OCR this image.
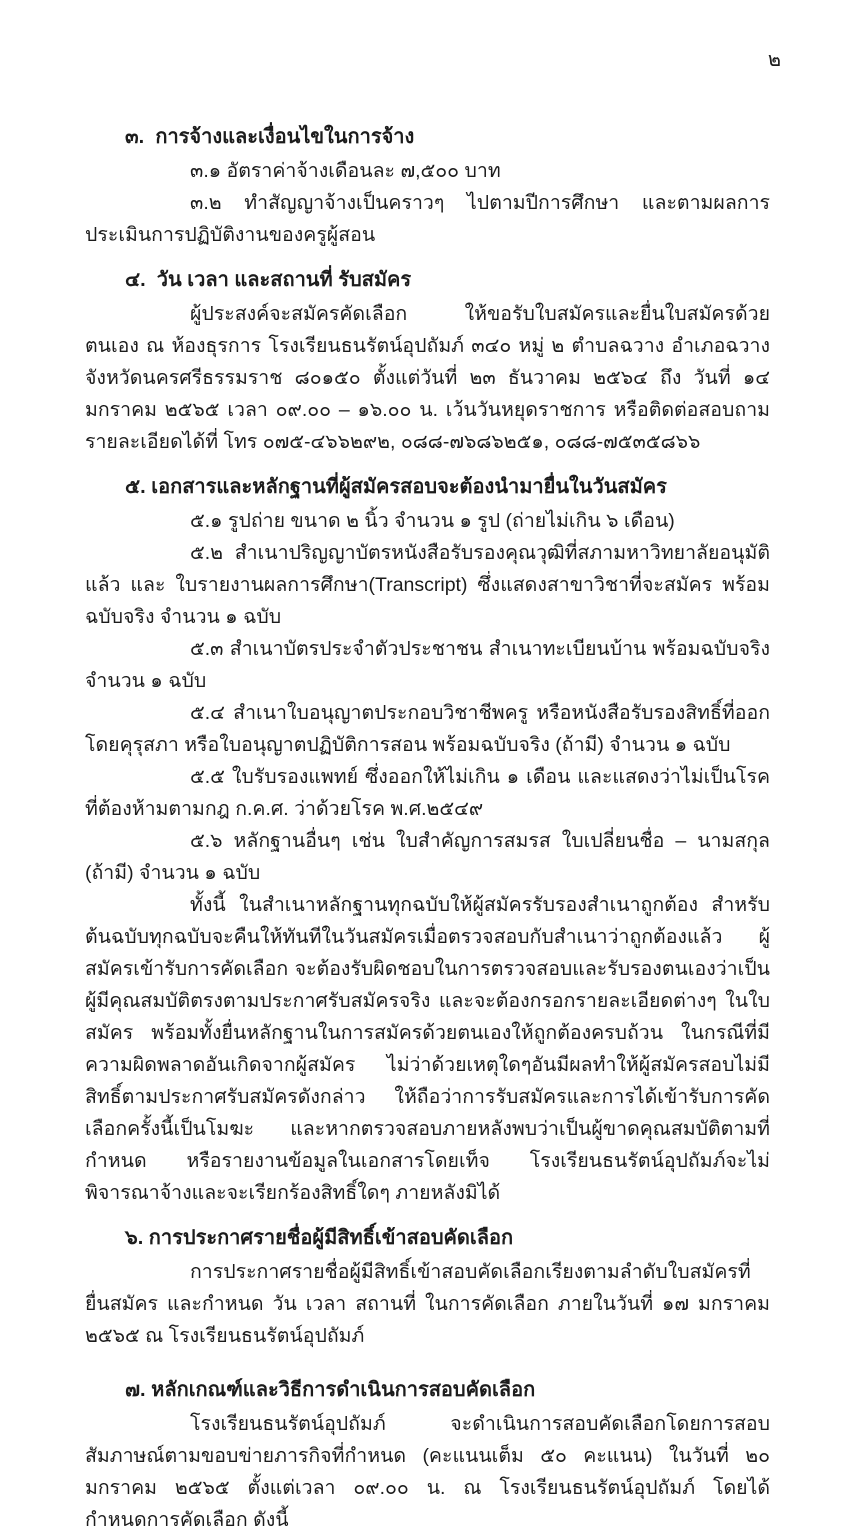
๒

๓.  การจ้างและเงื่อนไขในการจ้าง

๓.๑ อัตราค่าจ้างเดือนละ ๗,๕๐๐ บาท

๓.๒ ทำสัญญาจ้างเป็นคราวๆ ไปตามปีการศึกษา และตามผลการประเมินการปฏิบัติงานของครูผู้สอน

๔.  วัน เวลา และสถานที่ รับสมัคร

ผู้ประสงค์จะสมัครคัดเลือก ให้ขอรับใบสมัครและยื่นใบสมัครด้วยตนเอง ณ ห้องธุรการ โรงเรียนธนรัตน์อุปถัมภ์ ๓๔๐ หมู่ ๒ ตำบลฉวาง อำเภอฉวาง จังหวัดนครศรีธรรมราช ๘๐๑๕๐ ตั้งแต่วันที่ ๒๓ ธันวาคม ๒๕๖๔ ถึง วันที่ ๑๔ มกราคม ๒๕๖๕ เวลา ๐๙.๐๐ – ๑๖.๐๐ น. เว้นวันหยุดราชการ หรือติดต่อสอบถามรายละเอียดได้ที่ โทร ๐๗๕-๔๖๖๒๙๒, ๐๘๘-๗๖๘๖๒๕๑, ๐๘๘-๗๕๓๕๘๖๖

๕. เอกสารและหลักฐานที่ผู้สมัครสอบจะต้องนำมายื่นในวันสมัคร

๕.๑ รูปถ่าย ขนาด ๒ นิ้ว จำนวน ๑ รูป (ถ่ายไม่เกิน ๖ เดือน)

๕.๒ สำเนาปริญญาบัตรหนังสือรับรองคุณวุฒิที่สภามหาวิทยาลัยอนุมัติแล้ว และ ใบรายงานผลการศึกษา(Transcript) ซึ่งแสดงสาขาวิชาที่จะสมัคร พร้อมฉบับจริง จำนวน ๑ ฉบับ

๕.๓ สำเนาบัตรประจำตัวประชาชน สำเนาทะเบียนบ้าน พร้อมฉบับจริง จำนวน ๑ ฉบับ

๕.๔ สำเนาใบอนุญาตประกอบวิชาชีพครู หรือหนังสือรับรองสิทธิ์ที่ออกโดยคุรุสภา หรือใบอนุญาตปฏิบัติการสอน พร้อมฉบับจริง (ถ้ามี) จำนวน ๑ ฉบับ

๕.๕ ใบรับรองแพทย์ ซึ่งออกให้ไม่เกิน ๑ เดือน และแสดงว่าไม่เป็นโรคที่ต้องห้ามตามกฎ ก.ค.ศ. ว่าด้วยโรค พ.ศ.๒๕๔๙

๕.๖ หลักฐานอื่นๆ เช่น ใบสำคัญการสมรส ใบเปลี่ยนชื่อ – นามสกุล (ถ้ามี) จำนวน ๑ ฉบับ

ทั้งนี้ ในสำเนาหลักฐานทุกฉบับให้ผู้สมัครรับรองสำเนาถูกต้อง สำหรับต้นฉบับทุกฉบับจะคืนให้ทันทีในวันสมัครเมื่อตรวจสอบกับสำเนาว่าถูกต้องแล้ว ผู้สมัครเข้ารับการคัดเลือก จะต้องรับผิดชอบในการตรวจสอบและรับรองตนเองว่าเป็นผู้มีคุณสมบัติตรงตามประกาศรับสมัครจริง และจะต้องกรอกรายละเอียดต่างๆ ในใบสมัคร พร้อมทั้งยื่นหลักฐานในการสมัครด้วยตนเองให้ถูกต้องครบถ้วน ในกรณีที่มีความผิดพลาดอันเกิดจากผู้สมัคร ไม่ว่าด้วยเหตุใดๆอันมีผลทำให้ผู้สมัครสอบไม่มีสิทธิ์ตามประกาศรับสมัครดังกล่าว ให้ถือว่าการรับสมัครและการได้เข้ารับการคัดเลือกครั้งนี้เป็นโมฆะ และหากตรวจสอบภายหลังพบว่าเป็นผู้ขาดคุณสมบัติตามที่กำหนด หรือรายงานข้อมูลในเอกสารโดยเท็จ โรงเรียนธนรัตน์อุปถัมภ์จะไม่พิจารณาจ้างและจะเรียกร้องสิทธิ์ใดๆ ภายหลังมิได้

๖. การประกาศรายชื่อผู้มีสิทธิ์เข้าสอบคัดเลือก

การประกาศรายชื่อผู้มีสิทธิ์เข้าสอบคัดเลือกเรียงตามลำดับใบสมัครที่ยื่นสมัคร และกำหนด วัน เวลา สถานที่ ในการคัดเลือก ภายในวันที่ ๑๗ มกราคม ๒๕๖๕ ณ โรงเรียนธนรัตน์อุปถัมภ์

๗. หลักเกณฑ์และวิธีการดำเนินการสอบคัดเลือก

โรงเรียนธนรัตน์อุปถัมภ์ จะดำเนินการสอบคัดเลือกโดยการสอบสัมภาษณ์ตามขอบข่ายภารกิจที่กำหนด (คะแนนเต็ม ๕๐ คะแนน) ในวันที่ ๒๐ มกราคม ๒๕๖๕ ตั้งแต่เวลา ๐๙.๐๐ น. ณ โรงเรียนธนรัตน์อุปถัมภ์ โดยได้กำหนดการคัดเลือก ดังนี้
